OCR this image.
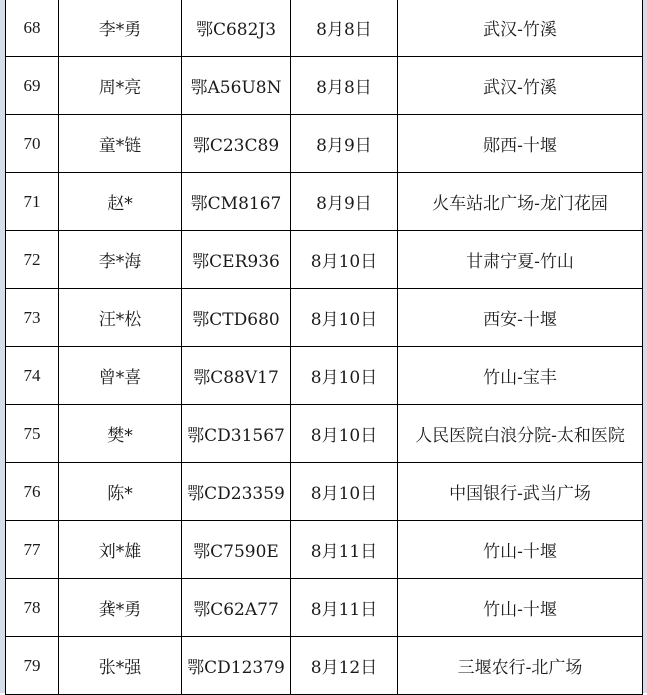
68	李*勇	鄂C682J3	8月8日	武汉-竹溪
69	周*亮	鄂A56U8N	8月8日	武汉-竹溪
70	童*链	鄂C23C89	8月9日	郧西-十堰
71	赵*	鄂CM8167	8月9日	火车站北广场-龙门花园
72	李*海	鄂CER936	8月10日	甘肃宁夏-竹山
73	汪*松	鄂CTD680	8月10日	西安-十堰
74	曾*喜	鄂C88V17	8月10日	竹山-宝丰
75	樊*	鄂CD31567	8月10日	人民医院白浪分院-太和医院
76	陈*	鄂CD23359	8月10日	中国银行-武当广场
77	刘*雄	鄂C7590E	8月11日	竹山-十堰
78	龚*勇	鄂C62A77	8月11日	竹山-十堰
79	张*强	鄂CD12379	8月12日	三堰农行-北广场
